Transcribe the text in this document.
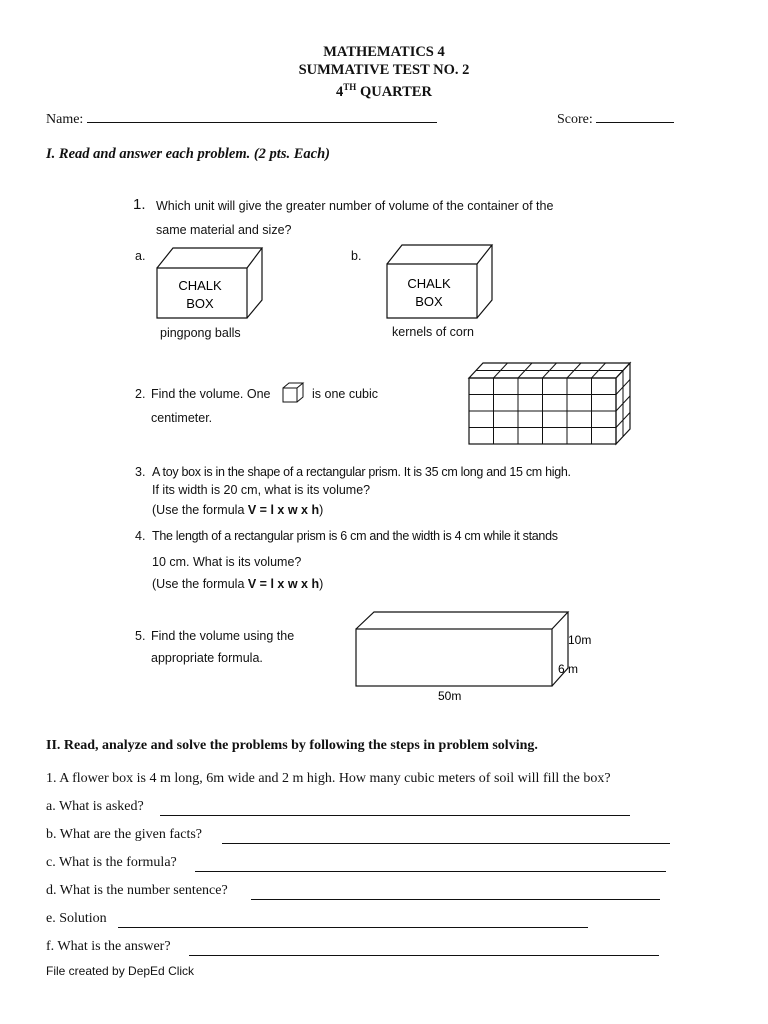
MATHEMATICS 4
SUMMATIVE TEST NO. 2
4TH QUARTER
Name:	Score:
I. Read and answer each problem. (2 pts. Each)
1. Which unit will give the greater number of volume of the container of the
same material and size?
a.	b.
CHALK
BOX
pingpong balls
CHALK
BOX
kernels of corn
2. Find the volume. One	is one cubic
centimeter.
3. A toy box is in the shape of a rectangular prism. It is 35 cm long and 15 cm high.
If its width is 20 cm, what is its volume?
(Use the formula V = l x w x h)
4. The length of a rectangular prism is 6 cm and the width is 4 cm while it stands
10 cm. What is its volume?
(Use the formula V = l x w x h)
5. Find the volume using the
appropriate formula.
10m
6 m
50m
II. Read, analyze and solve the problems by following the steps in problem solving.
1. A flower box is 4 m long, 6m wide and 2 m high. How many cubic meters of soil will fill the box?
a. What is asked?
b. What are the given facts?
c. What is the formula?
d. What is the number sentence?
e. Solution
f. What is the answer?
File created by DepEd Click
